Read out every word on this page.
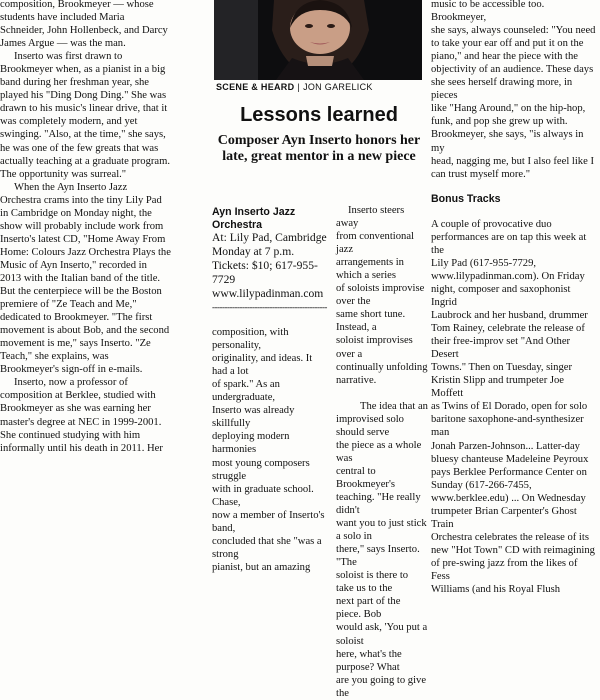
composition, Brookmeyer — whose

students have included Maria

Schneider, John Hollenbeck, and Darcy

James Argue — was the man.

Inserto was first drawn to

Brookmeyer when, as a pianist in a big

band during her freshman year, she

played his "Ding Dong Ding." She was

drawn to his music's linear drive, that it

was completely modern, and yet

swinging. "Also, at the time," she says,

he was one of the few greats that was

actually teaching at a graduate program.

The opportunity was surreal."

When the Ayn Inserto Jazz

Orchestra crams into the tiny Lily Pad

in Cambridge on Monday night, the

show will probably include work from

Inserto's latest CD, "Home Away From

Home: Colours Jazz Orchestra Plays the

Music of Ayn Inserto," recorded in

2013 with the Italian band of the title.

But the centerpiece will be the Boston

premiere of "Ze Teach and Me,"

dedicated to Brookmeyer. "The first

movement is about Bob, and the second

movement is me," says Inserto. "Ze

Teach," she explains, was

Brookmeyer's sign-off in e-mails.

Inserto, now a professor of

composition at Berklee, studied with

Brookmeyer as she was earning her

master's degree at NEC in 1999-2001.

She continued studying with him

informally until his death in 2011. Her

SCENE & HEARD | JON GARELICK
Lessons learned
Composer Ayn Inserto honors her late, great mentor in a new piece
Ayn Inserto Jazz Orchestra
At: Lily Pad, Cambridge
Monday at 7 p.m.
Tickets: $10; 617-955-7729
www.lilypadinman.com
----------------------------------------------
composition, with personality,
originality, and ideas. It had a lot
of spark." As an undergraduate,
Inserto was already skillfully
deploying modern harmonies
most young composers struggle
with in graduate school. Chase,
now a member of Inserto's band,
concluded that she "was a strong
pianist, but an amazing

Inserto steers away

from conventional jazz

arrangements in which a series

of soloists improvise over the

same short tune. Instead, a

soloist improvises over a

continually unfolding

narrative.

The idea that an

improvised solo should serve

the piece as a whole was

central to Brookmeyer's

teaching. "He really didn't

want you to just stick a solo in

there," says Inserto. "The

soloist is there to take us to the

next part of the piece. Bob

would ask, 'You put a soloist

here, what's the purpose? What

are you going to give the

music to be accessible too. Brookmeyer,

she says, always counseled: "You need

to take your ear off and put it on the

piano," and hear the piece with the

objectivity of an audience. These days

she sees herself drawing more, in pieces

like "Hang Around," on the hip-hop,

funk, and pop she grew up with.

Brookmeyer, she says, "is always in my

head, nagging me, but I also feel like I

can trust myself more."

Bonus Tracks

A couple of provocative duo

performances are on tap this week at the

Lily Pad (617-955-7729,

www.lilypadinman.com). On Friday

night, composer and saxophonist Ingrid

Laubrock and her husband, drummer

Tom Rainey, celebrate the release of

their free-improv set "And Other Desert

Towns." Then on Tuesday, singer

Kristin Slipp and trumpeter Joe Moffett

as Twins of El Dorado, open for solo

baritone saxophone-and-synthesizer man

Jonah Parzen-Johnson... Latter-day

bluesy chanteuse Madeleine Peyroux

pays Berklee Performance Center on

Sunday (617-266-7455,

www.berklee.edu) ... On Wednesday

trumpeter Brian Carpenter's Ghost Train

Orchestra celebrates the release of its

new "Hot Town" CD with reimagining

of pre-swing jazz from the likes of Fess

Williams (and his Royal Flush
